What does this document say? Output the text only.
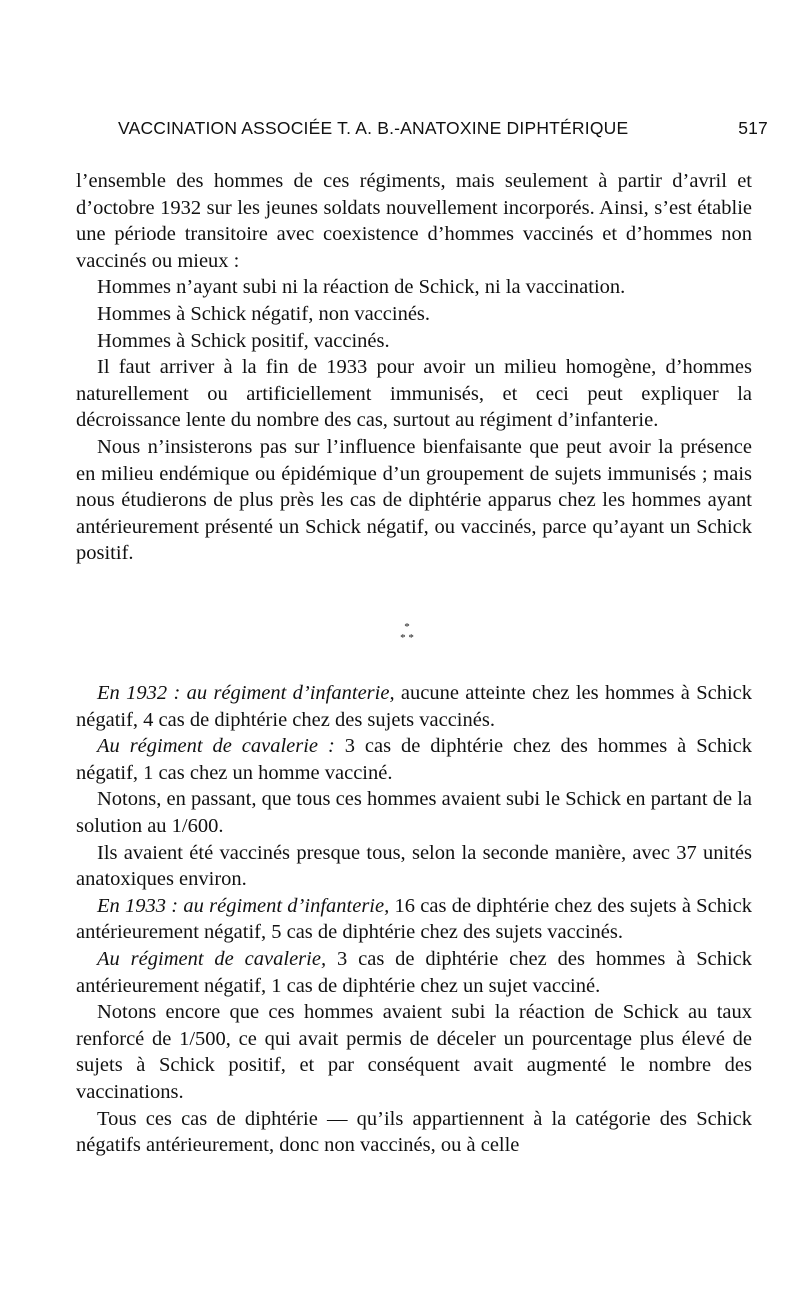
VACCINATION ASSOCIÉE T. A. B.-ANATOXINE DIPHTÉRIQUE	517

l’ensemble des hommes de ces régiments, mais seulement à partir d’avril et d’octobre 1932 sur les jeunes soldats nouvellement incorporés. Ainsi, s’est établie une période transitoire avec coexistence d’hommes vaccinés et d’hommes non vaccinés ou mieux :

Hommes n’ayant subi ni la réaction de Schick, ni la vaccination.

Hommes à Schick négatif, non vaccinés.

Hommes à Schick positif, vaccinés.

Il faut arriver à la fin de 1933 pour avoir un milieu homogène, d’hommes naturellement ou artificiellement immunisés, et ceci peut expliquer la décroissance lente du nombre des cas, surtout au régiment d’infanterie.

Nous n’insisterons pas sur l’influence bienfaisante que peut avoir la présence en milieu endémique ou épidémique d’un groupement de sujets immunisés ; mais nous étudierons de plus près les cas de diphtérie apparus chez les hommes ayant antérieurement présenté un Schick négatif, ou vaccinés, parce qu’ayant un Schick positif.

*
* *

En 1932 : au régiment d’infanterie, aucune atteinte chez les hommes à Schick négatif, 4 cas de diphtérie chez des sujets vaccinés.

Au régiment de cavalerie : 3 cas de diphtérie chez des hommes à Schick négatif, 1 cas chez un homme vacciné.

Notons, en passant, que tous ces hommes avaient subi le Schick en partant de la solution au 1/600.

Ils avaient été vaccinés presque tous, selon la seconde manière, avec 37 unités anatoxiques environ.

En 1933 : au régiment d’infanterie, 16 cas de diphtérie chez des sujets à Schick antérieurement négatif, 5 cas de diphtérie chez des sujets vaccinés.

Au régiment de cavalerie, 3 cas de diphtérie chez des hommes à Schick antérieurement négatif, 1 cas de diphtérie chez un sujet vacciné.

Notons encore que ces hommes avaient subi la réaction de Schick au taux renforcé de 1/500, ce qui avait permis de déceler un pourcentage plus élevé de sujets à Schick positif, et par conséquent avait augmenté le nombre des vaccinations.

Tous ces cas de diphtérie — qu’ils appartiennent à la catégorie des Schick négatifs antérieurement, donc non vaccinés, ou à celle
